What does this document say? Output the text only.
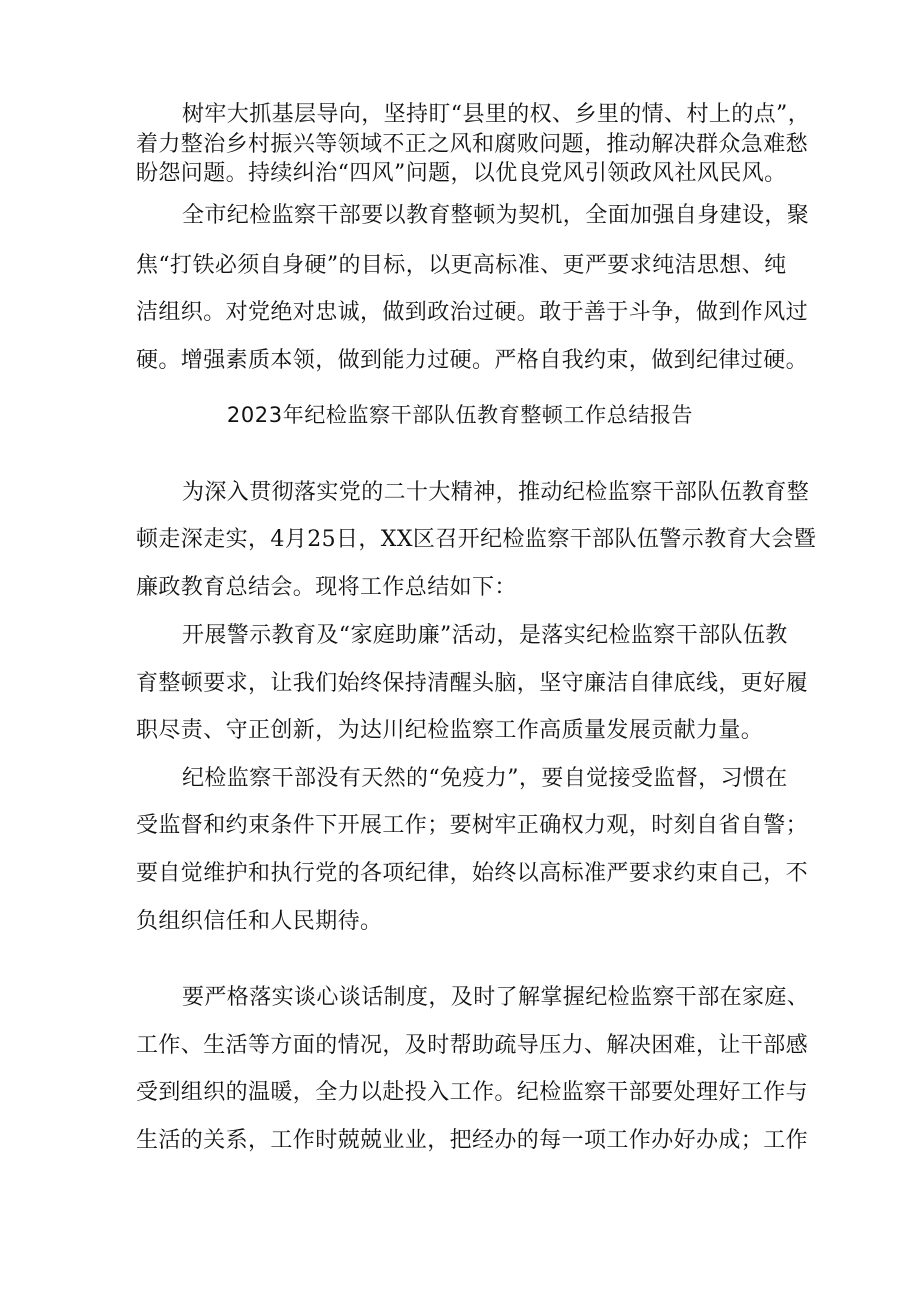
树牢大抓基层导向，坚持盯“县里的权、乡里的情、村上的点”，
着力整治乡村振兴等领域不正之风和腐败问题，推动解决群众急难愁
盼怨问题。持续纠治“四风”问题，以优良党风引领政风社风民风。
全市纪检监察干部要以教育整顿为契机，全面加强自身建设，聚
焦“打铁必须自身硬”的目标，以更高标准、更严要求纯洁思想、纯
洁组织。对党绝对忠诚，做到政治过硬。敢于善于斗争，做到作风过
硬。增强素质本领，做到能力过硬。严格自我约束，做到纪律过硬。
2023年纪检监察干部队伍教育整顿工作总结报告
为深入贯彻落实党的二十大精神，推动纪检监察干部队伍教育整
顿走深走实，4月25日，XX区召开纪检监察干部队伍警示教育大会暨
廉政教育总结会。现将工作总结如下：
开展警示教育及“家庭助廉”活动，是落实纪检监察干部队伍教
育整顿要求，让我们始终保持清醒头脑，坚守廉洁自律底线，更好履
职尽责、守正创新，为达川纪检监察工作高质量发展贡献力量。
纪检监察干部没有天然的“免疫力”，要自觉接受监督，习惯在
受监督和约束条件下开展工作；要树牢正确权力观，时刻自省自警；
要自觉维护和执行党的各项纪律，始终以高标准严要求约束自己，不
负组织信任和人民期待。
要严格落实谈心谈话制度，及时了解掌握纪检监察干部在家庭、
工作、生活等方面的情况，及时帮助疏导压力、解决困难，让干部感
受到组织的温暖，全力以赴投入工作。纪检监察干部要处理好工作与
生活的关系，工作时兢兢业业，把经办的每一项工作办好办成；工作
